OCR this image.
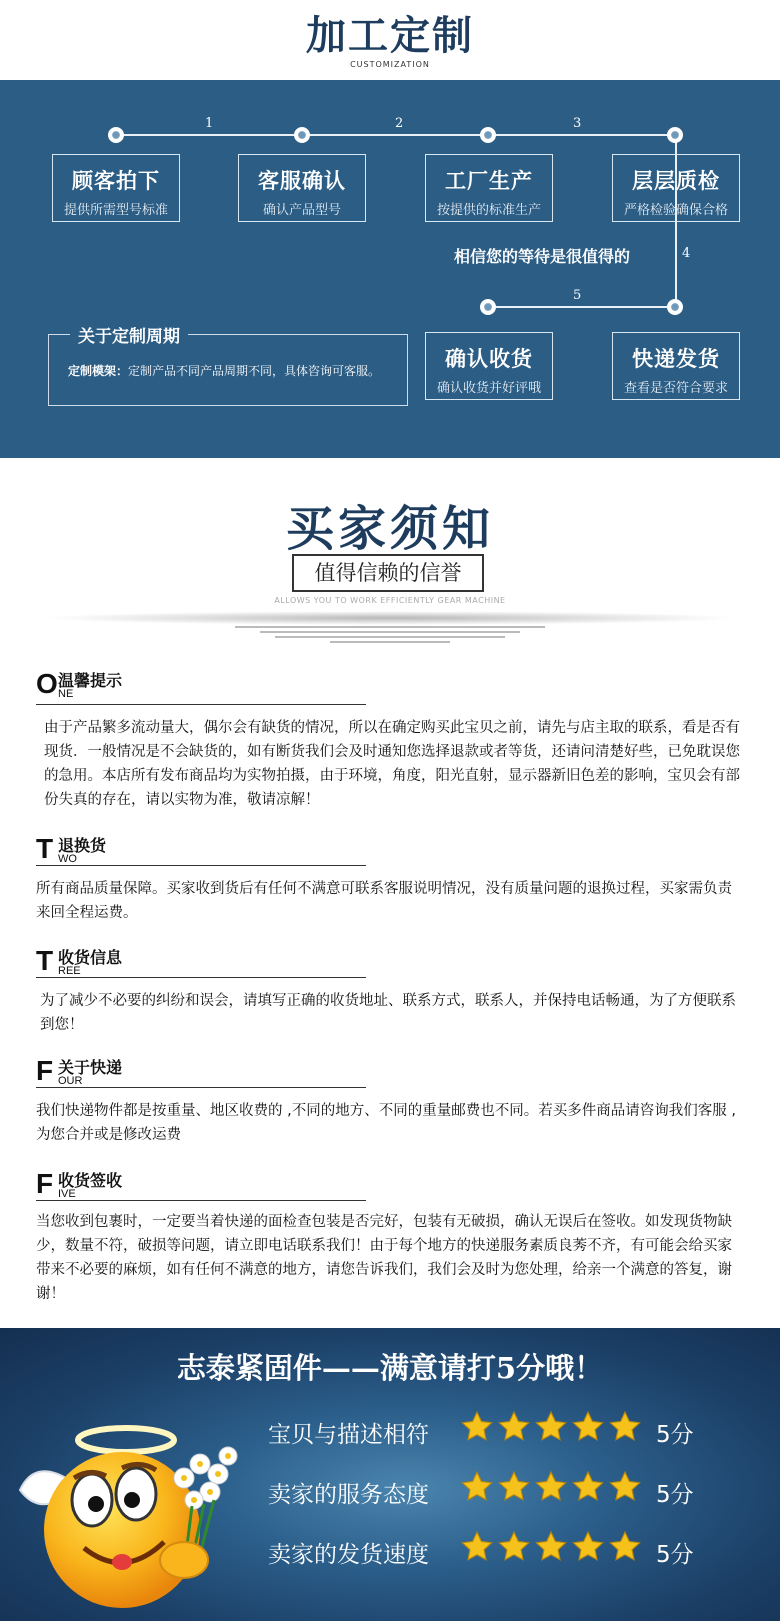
加工定制
CUSTOMIZATION
1	2	3
4
5
顾客拍下
提供所需型号标准
客服确认
确认产品型号
工厂生产
按提供的标准生产
层层质检
严格检验确保合格
快递发货
查看是否符合要求
确认收货
确认收货并好评哦
相信您的等待是很值得的
关于定制周期
定制模架：定制产品不同产品周期不同，具体咨询可客服。
买家须知
值得信赖的信誉
ALLOWS YOU TO WORK EFFICIENTLY GEAR MACHINE
O 温馨提示
NE
由于产品繁多流动量大，偶尔会有缺货的情况，所以在确定购买此宝贝之前，请先与店主取的联系，看是否有现货．一般情况是不会缺货的，如有断货我们会及时通知您选择退款或者等货，还请问清楚好些，已免耽误您的急用。本店所有发布商品均为实物拍摄，由于环境，角度，阳光直射，显示器新旧色差的影响，宝贝会有部份失真的存在，请以实物为准，敬请凉解！
T 退换货
WO
所有商品质量保障。买家收到货后有任何不满意可联系客服说明情况，没有质量问题的退换过程，买家需负责来回全程运费。
T 收货信息
REE
为了减少不必要的纠纷和误会，请填写正确的收货地址、联系方式，联系人，并保持电话畅通，为了方便联系到您！
F 关于快递
OUR
我们快递物件都是按重量、地区收费的 ,不同的地方、不同的重量邮费也不同。若买多件商品请咨询我们客服 ,为您合并或是修改运费
F 收货签收
IVE
当您收到包裹时，一定要当着快递的面检查包装是否完好，包装有无破损，确认无误后在签收。如发现货物缺少，数量不符，破损等问题，请立即电话联系我们！由于每个地方的快递服务素质良莠不齐，有可能会给买家带来不必要的麻烦，如有任何不满意的地方，请您告诉我们，我们会及时为您处理，给亲一个满意的答复，谢谢！
志泰紧固件——满意请打5分哦！
宝贝与描述相符	5分
卖家的服务态度	5分
卖家的发货速度	5分
